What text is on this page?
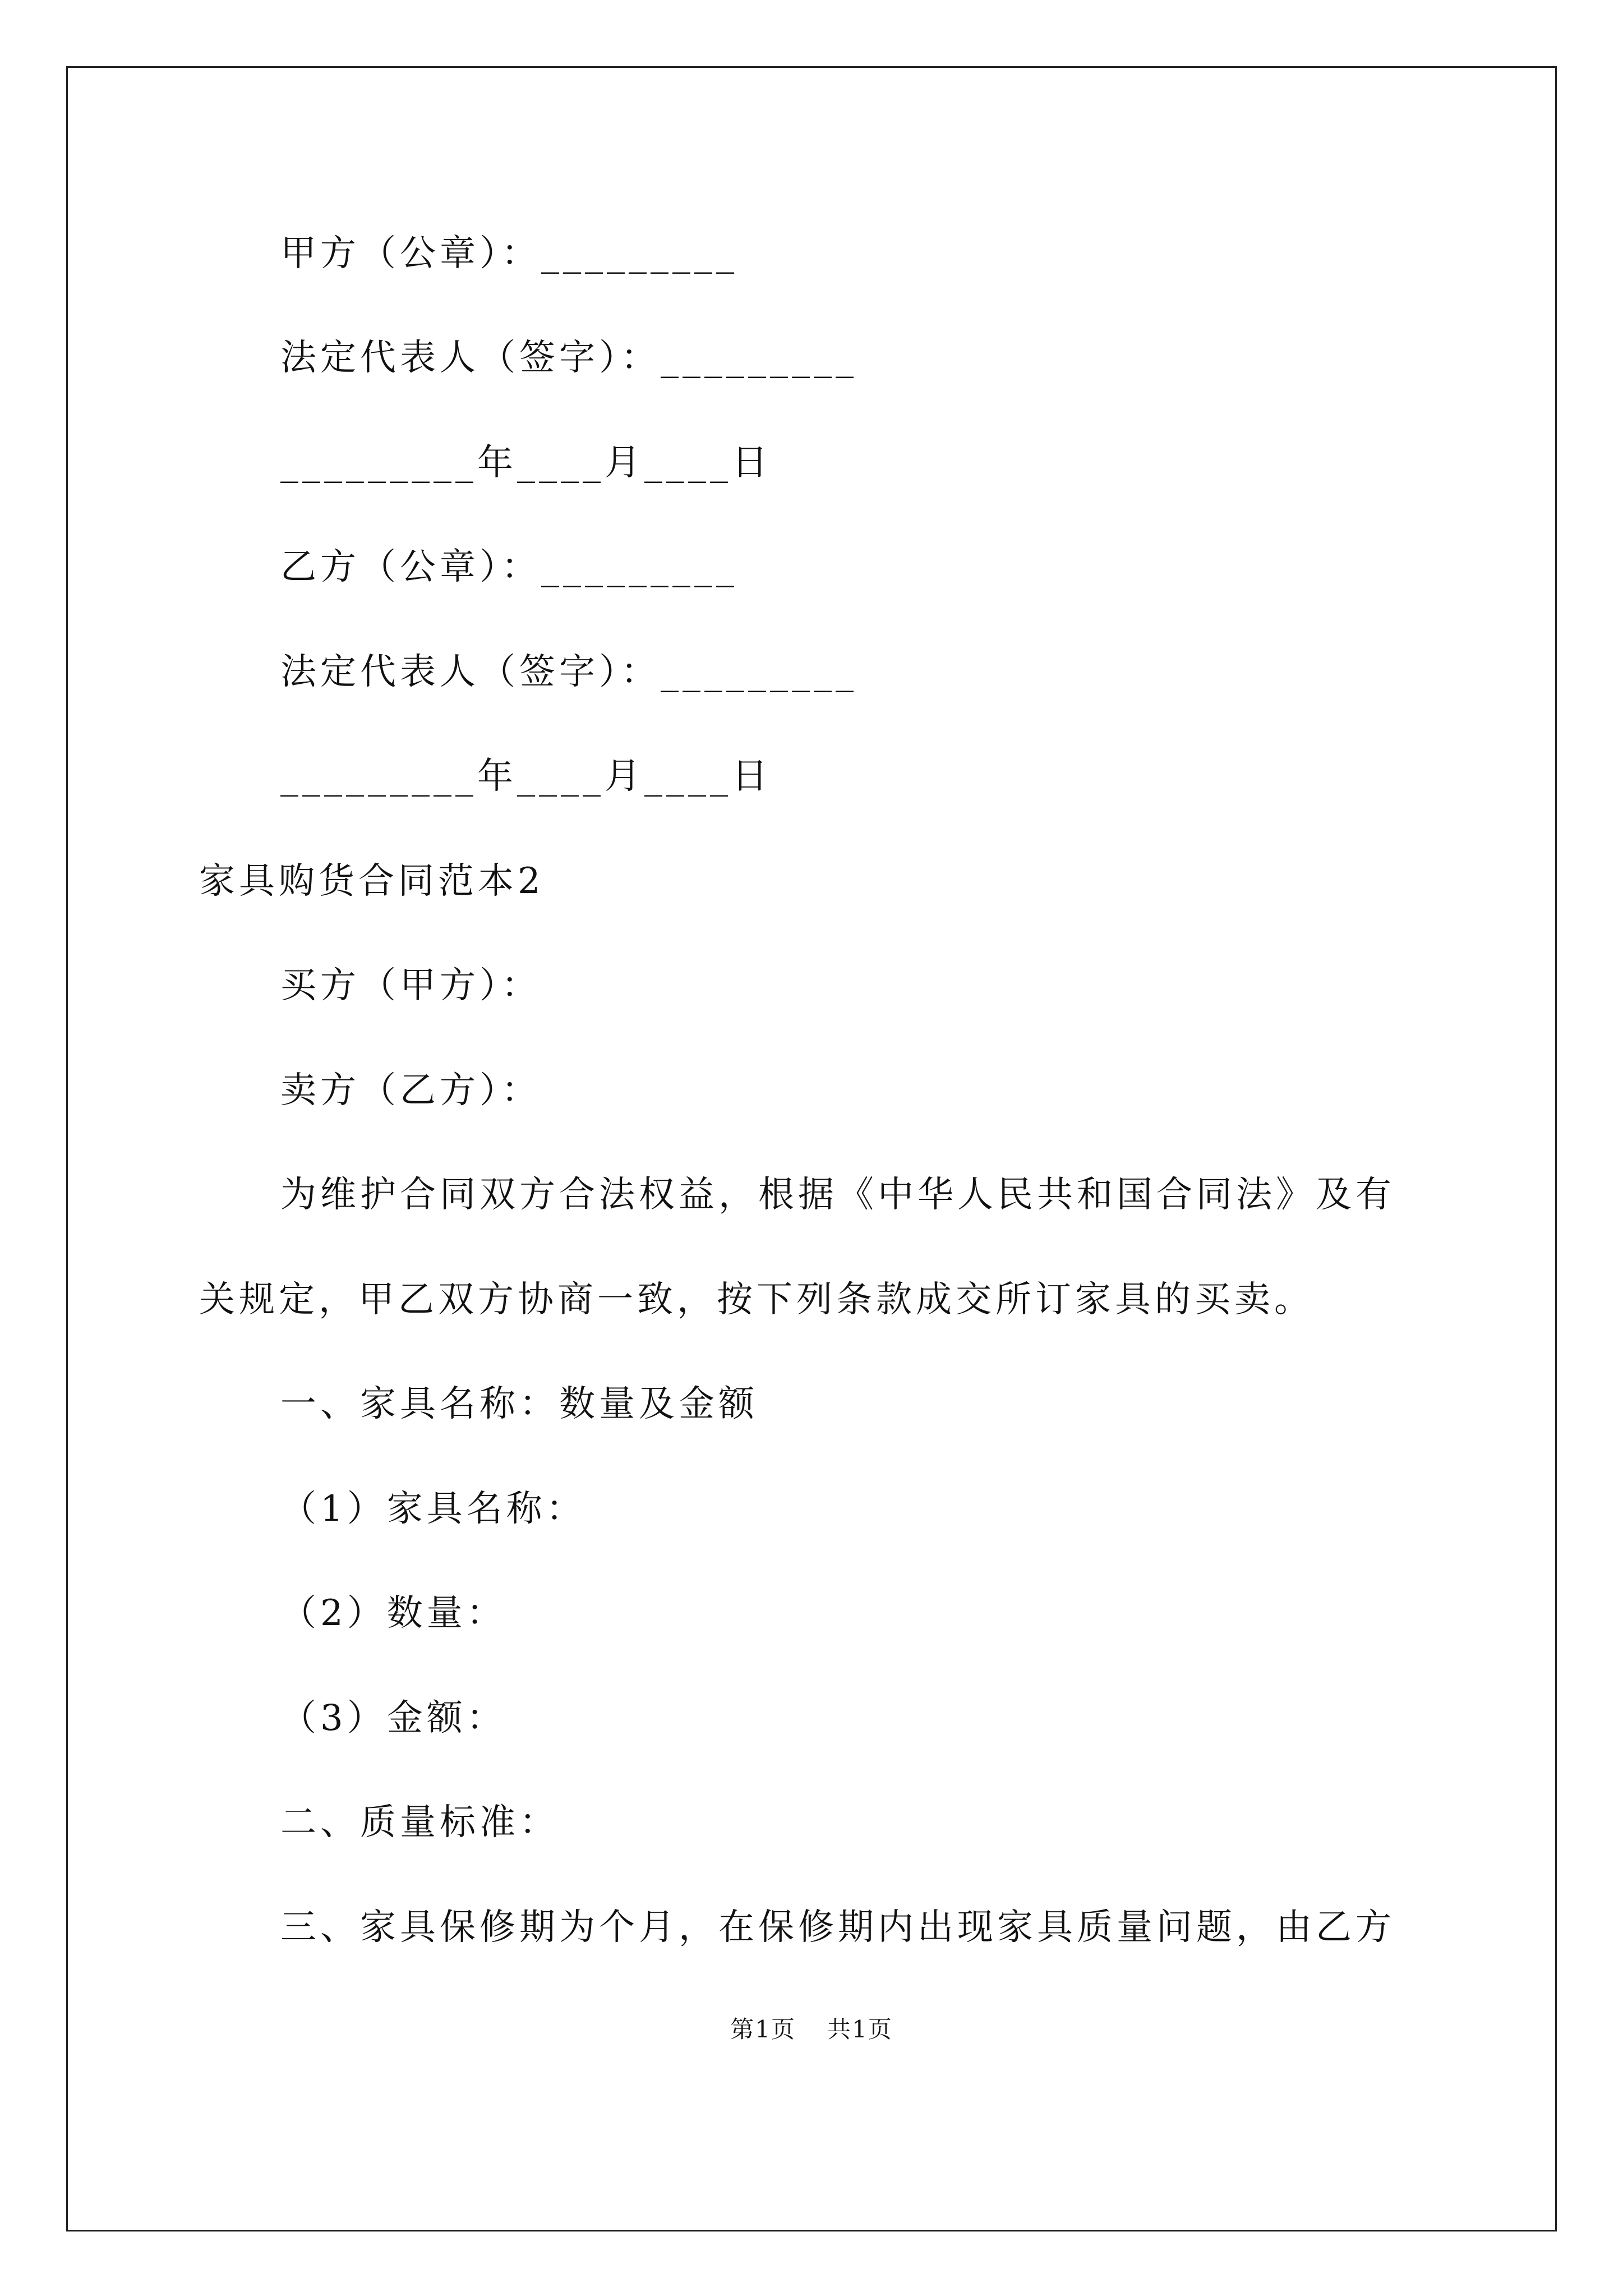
甲方（公章）：_________
法定代表人（签字）：_________
_________年____月____日
乙方（公章）：_________
法定代表人（签字）：_________
_________年____月____日
家具购货合同范本2
买方（甲方）：
卖方（乙方）：
为维护合同双方合法权益，根据《中华人民共和国合同法》及有
关规定，甲乙双方协商一致，按下列条款成交所订家具的买卖。
一、家具名称：数量及金额
（1）家具名称：
（2）数量：
（3）金额：
二、质量标准：
三、家具保修期为个月，在保修期内出现家具质量问题，由乙方
第1页 共1页
